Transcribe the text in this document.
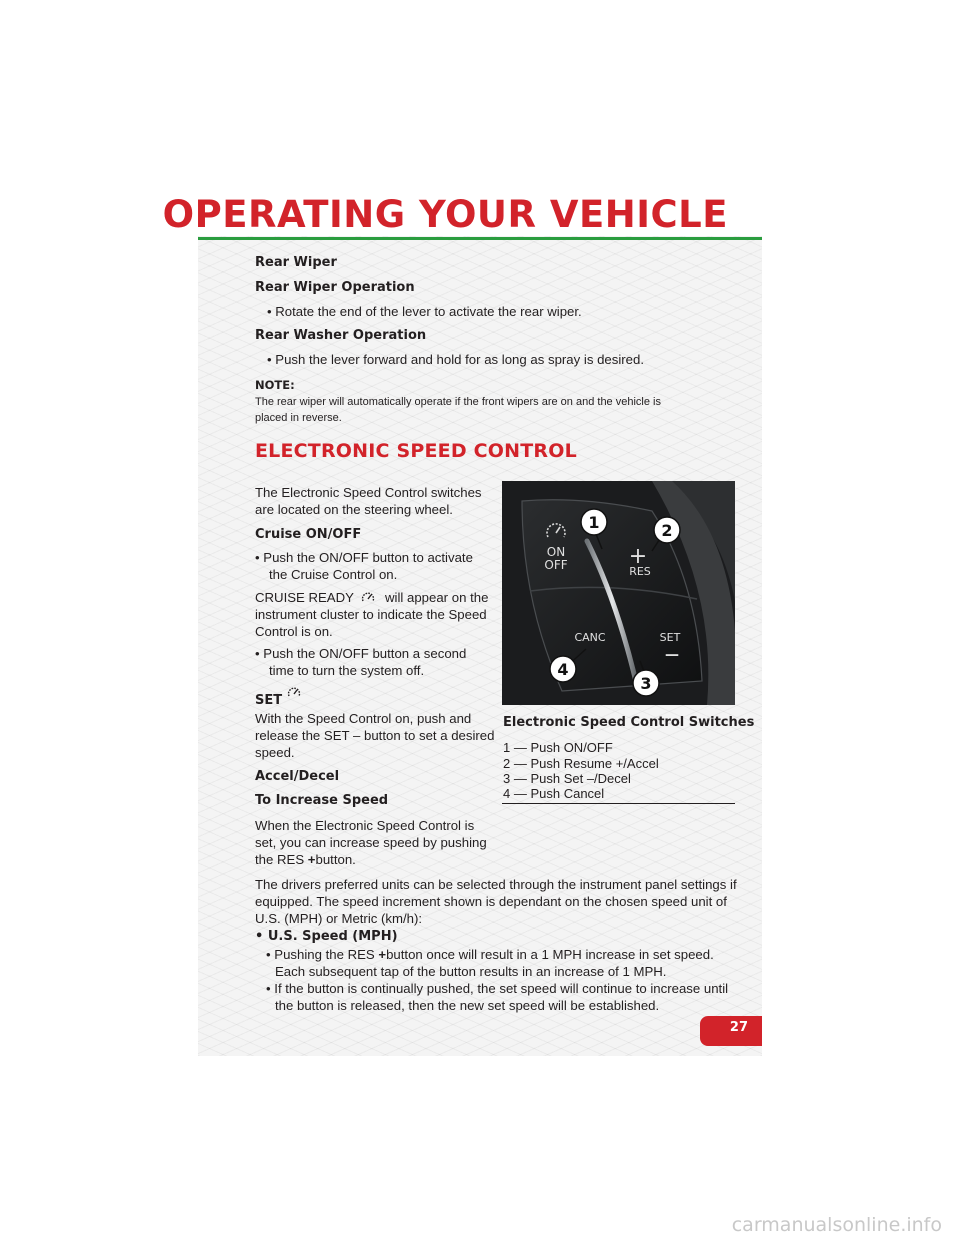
OPERATING YOUR VEHICLE

Rear Wiper

Rear Wiper Operation

• Rotate the end of the lever to activate the rear wiper.

Rear Washer Operation

• Push the lever forward and hold for as long as spray is desired.

NOTE:

The rear wiper will automatically operate if the front wipers are on and the vehicle is

placed in reverse.

ELECTRONIC SPEED CONTROL

The Electronic Speed Control switches

are located on the steering wheel.

Cruise ON/OFF

• Push the ON/OFF button to activate

the Cruise Control on.

CRUISE READY will appear on the

instrument cluster to indicate the Speed

Control is on.

• Push the ON/OFF button a second

time to turn the system off.

SET

With the Speed Control on, push and

release the SET – button to set a desired

speed.

Accel/Decel

To Increase Speed

When the Electronic Speed Control is

set, you can increase speed by pushing

the RES +button.

The drivers preferred units can be selected through the instrument panel settings if

equipped. The speed increment shown is dependant on the chosen speed unit of

U.S. (MPH) or Metric (km/h):

• U.S. Speed (MPH)

• Pushing the RES +button once will result in a 1 MPH increase in set speed.

Each subsequent tap of the button results in an increase of 1 MPH.

• If the button is continually pushed, the set speed will continue to increase until

the button is released, then the new set speed will be established.

ON
OFF	+
RES
CANC	SET
—
1	2
3
4

Electronic Speed Control Switches

1 — Push ON/OFF

2 — Push Resume +/Accel

3 — Push Set –/Decel

4 — Push Cancel

27
carmanualsonline.info
